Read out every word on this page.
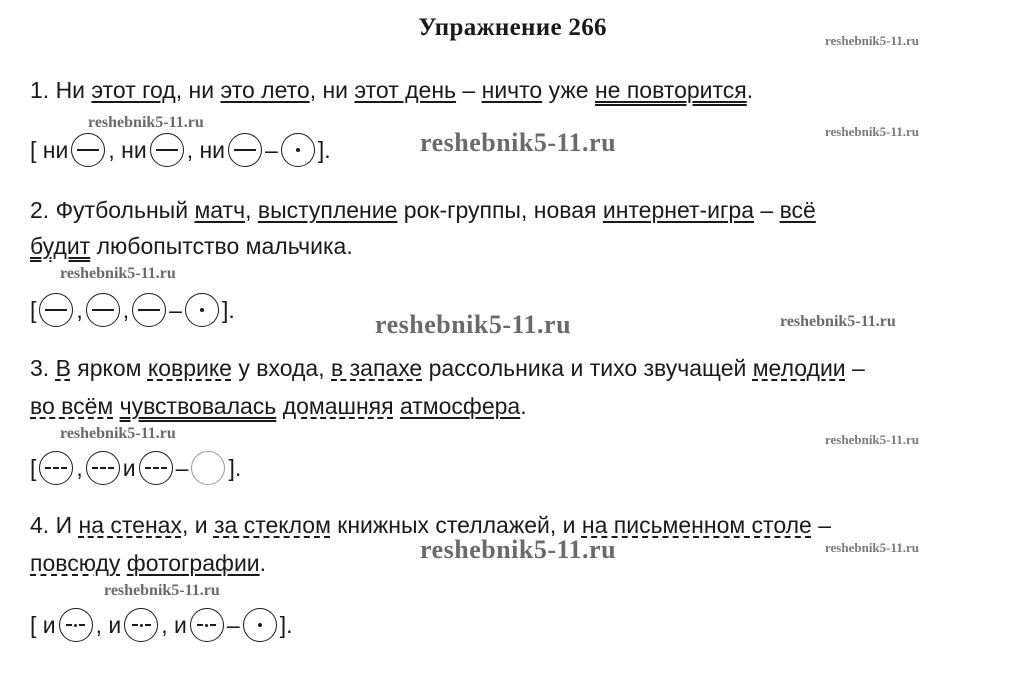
Упражнение 266	reshebnik5-11.ru
reshebnik5-11.ru
reshebnik5-11.ru
reshebnik5-11.ru
reshebnik5-11.ru
reshebnik5-11.ru	reshebnik5-11.ru
reshebnik5-11.ru	reshebnik5-11.ru
reshebnik5-11.ru	reshebnik5-11.ru
reshebnik5-11.ru
1. Ни этот год, ни это лето, ни этот день – ничто уже не повторится.
[ ни , ни , ни – ].
2. Футбольный матч, выступление рок-группы, новая интернет-игра – всё
будит любопытство мальчика.
[ , , – ].
3. В ярком коврике у входа, в запахе рассольника и тихо звучащей мелодии –
во всём чувствовалась домашняя атмосфера.
[ , и – ].
4. И на стенах, и за стеклом книжных стеллажей, и на письменном столе –
повсюду фотографии.
[ и , и , и – ].
